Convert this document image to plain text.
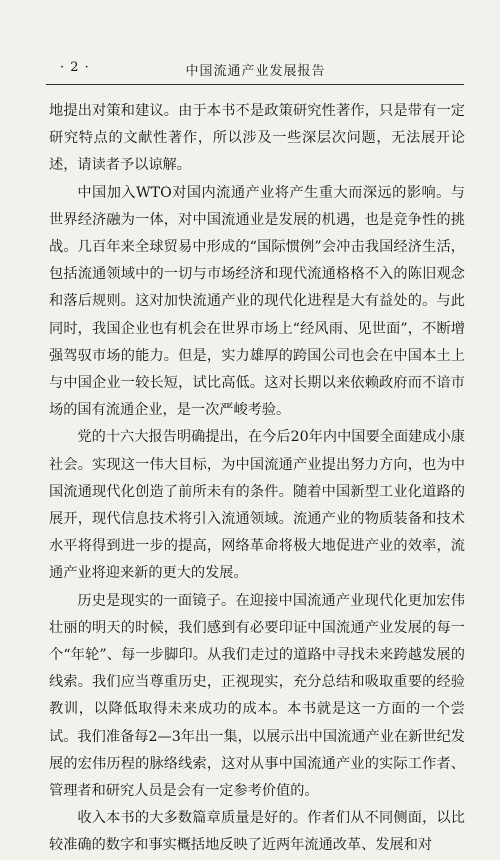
· 2 ·	中国流通产业发展报告

地提出对策和建议。由于本书不是政策研究性著作，只是带有一定研究特点的文献性著作，所以涉及一些深层次问题，无法展开论述，请读者予以谅解。

中国加入WTO对国内流通产业将产生重大而深远的影响。与世界经济融为一体，对中国流通业是发展的机遇，也是竞争性的挑战。几百年来全球贸易中形成的“国际惯例”会冲击我国经济生活，包括流通领域中的一切与市场经济和现代流通格格不入的陈旧观念和落后规则。这对加快流通产业的现代化进程是大有益处的。与此同时，我国企业也有机会在世界市场上“经风雨、见世面”，不断增强驾驭市场的能力。但是，实力雄厚的跨国公司也会在中国本土上与中国企业一较长短，试比高低。这对长期以来依赖政府而不谙市场的国有流通企业，是一次严峻考验。

党的十六大报告明确提出，在今后20年内中国要全面建成小康社会。实现这一伟大目标，为中国流通产业提出努力方向，也为中国流通现代化创造了前所未有的条件。随着中国新型工业化道路的展开，现代信息技术将引入流通领域。流通产业的物质装备和技术水平将得到进一步的提高，网络革命将极大地促进产业的效率，流通产业将迎来新的更大的发展。

历史是现实的一面镜子。在迎接中国流通产业现代化更加宏伟壮丽的明天的时候，我们感到有必要印证中国流通产业发展的每一个“年轮”、每一步脚印。从我们走过的道路中寻找未来跨越发展的线索。我们应当尊重历史，正视现实，充分总结和吸取重要的经验教训，以降低取得未来成功的成本。本书就是这一方面的一个尝试。我们准备每2—3年出一集，以展示出中国流通产业在新世纪发展的宏伟历程的脉络线索，这对从事中国流通产业的实际工作者、管理者和研究人员是会有一定参考价值的。

收入本书的大多数篇章质量是好的。作者们从不同侧面，以比较准确的数字和事实概括地反映了近两年流通改革、发展和对
